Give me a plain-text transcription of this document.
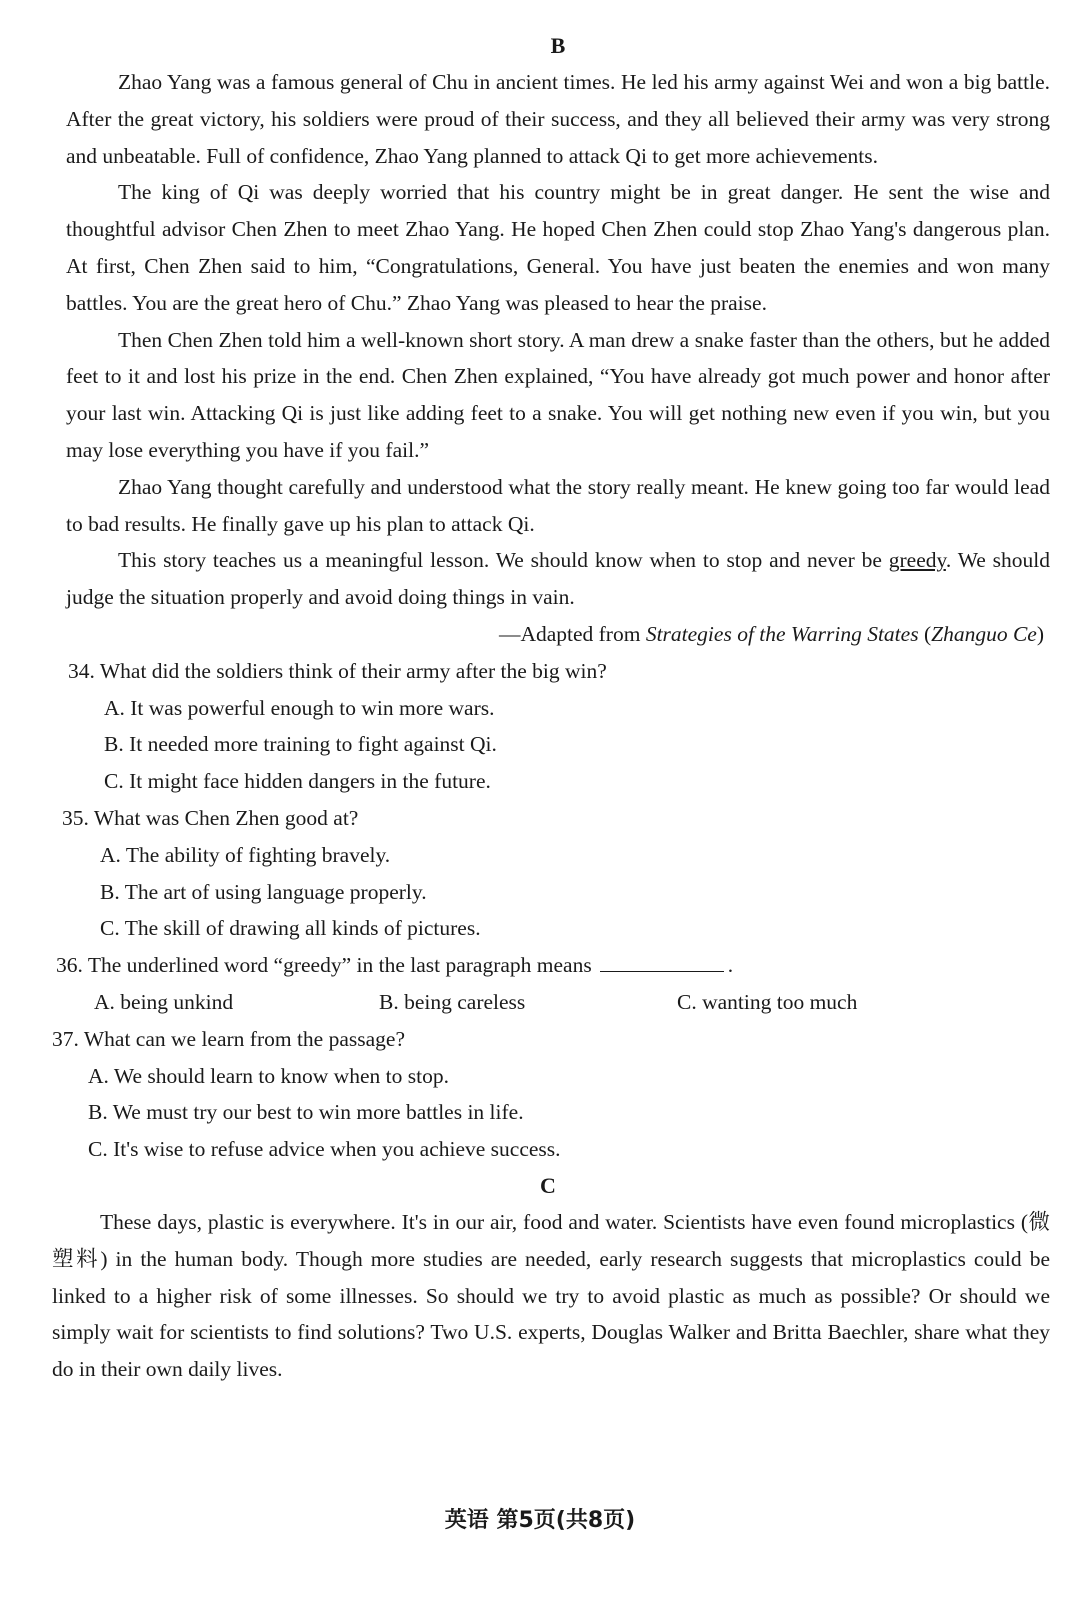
B

Zhao Yang was a famous general of Chu in ancient times. He led his army against Wei and won a big battle. After the great victory, his soldiers were proud of their success, and they all believed their army was very strong and unbeatable. Full of confidence, Zhao Yang planned to attack Qi to get more achievements.

The king of Qi was deeply worried that his country might be in great danger. He sent the wise and thoughtful advisor Chen Zhen to meet Zhao Yang. He hoped Chen Zhen could stop Zhao Yang's dangerous plan. At first, Chen Zhen said to him, “Congratulations, General. You have just beaten the enemies and won many battles. You are the great hero of Chu.” Zhao Yang was pleased to hear the praise.

Then Chen Zhen told him a well-known short story. A man drew a snake faster than the others, but he added feet to it and lost his prize in the end. Chen Zhen explained, “You have already got much power and honor after your last win. Attacking Qi is just like adding feet to a snake. You will get nothing new even if you win, but you may lose everything you have if you fail.”

Zhao Yang thought carefully and understood what the story really meant. He knew going too far would lead to bad results. He finally gave up his plan to attack Qi.

This story teaches us a meaningful lesson. We should know when to stop and never be greedy. We should judge the situation properly and avoid doing things in vain.

—Adapted from Strategies of the Warring States (Zhanguo Ce)

34. What did the soldiers think of their army after the big win?

A. It was powerful enough to win more wars.

B. It needed more training to fight against Qi.

C. It might face hidden dangers in the future.

35. What was Chen Zhen good at?

A. The ability of fighting bravely.

B. The art of using language properly.

C. The skill of drawing all kinds of pictures.

36. The underlined word “greedy” in the last paragraph means	.

A. being unkind	B. being careless	C. wanting too much

37. What can we learn from the passage?

A. We should learn to know when to stop.

B. We must try our best to win more battles in life.

C. It's wise to refuse advice when you achieve success.

C

These days, plastic is everywhere. It's in our air, food and water. Scientists have even found microplastics (微塑料) in the human body. Though more studies are needed, early research suggests that microplastics could be linked to a higher risk of some illnesses. So should we try to avoid plastic as much as possible? Or should we simply wait for scientists to find solutions? Two U.S. experts, Douglas Walker and Britta Baechler, share what they do in their own daily lives.

英语 第5页(共8页)
